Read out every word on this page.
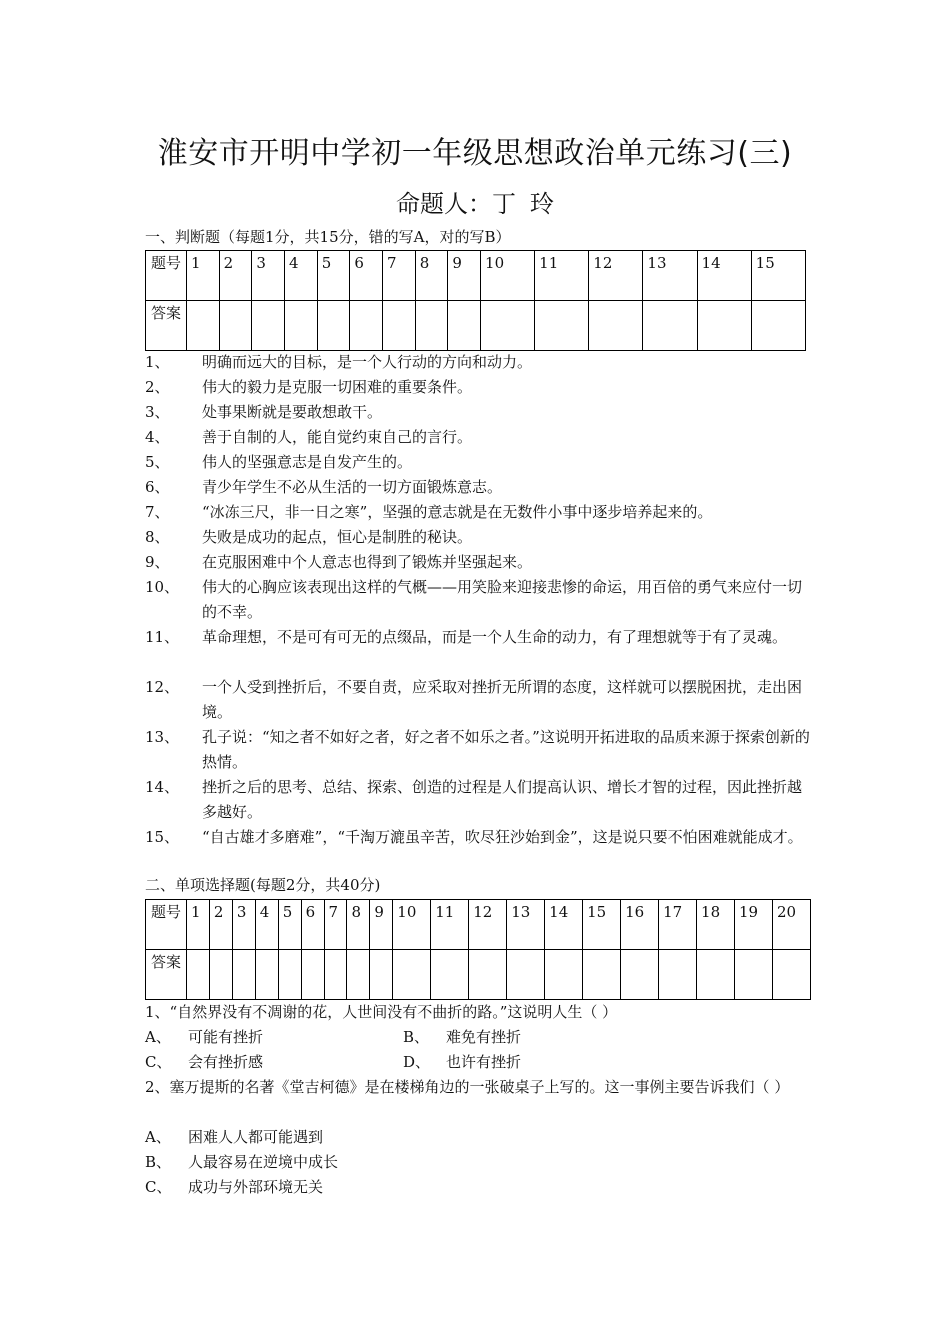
淮安市开明中学初一年级思想政治单元练习(三)
命题人：丁 玲
一、判断题（每题1分，共15分，错的写A，对的写B）
题号	1	2	3	4	5	6	7	8	9	10	11	12	13	14	15
答案															
1、 明确而远大的目标，是一个人行动的方向和动力。
2、 伟大的毅力是克服一切困难的重要条件。
3、 处事果断就是要敢想敢干。
4、 善于自制的人，能自觉约束自己的言行。
5、 伟人的坚强意志是自发产生的。
6、 青少年学生不必从生活的一切方面锻炼意志。
7、 “冰冻三尺，非一日之寒”，坚强的意志就是在无数件小事中逐步培养起来的。
8、 失败是成功的起点，恒心是制胜的秘诀。
9、 在克服困难中个人意志也得到了锻炼并坚强起来。
10、 伟大的心胸应该表现出这样的气概——用笑脸来迎接悲惨的命运，用百倍的勇气来应付一切的不幸。
11、 革命理想，不是可有可无的点缀品，而是一个人生命的动力，有了理想就等于有了灵魂。
12、 一个人受到挫折后，不要自责，应采取对挫折无所谓的态度，这样就可以摆脱困扰，走出困境。
13、 孔子说：“知之者不如好之者，好之者不如乐之者。”这说明开拓进取的品质来源于探索创新的热情。
14、 挫折之后的思考、总结、探索、创造的过程是人们提高认识、增长才智的过程，因此挫折越多越好。
15、 “自古雄才多磨难”，“千淘万漉虽辛苦，吹尽狂沙始到金”，这是说只要不怕困难就能成才。
二、单项选择题(每题2分，共40分)
题号	1	2	3	4	5	6	7	8	9	10	11	12	13	14	15	16	17	18	19	20
答案																				
1、“自然界没有不凋谢的花，人世间没有不曲折的路。”这说明人生（ ）
A、 可能有挫折	B、 难免有挫折
C、 会有挫折感	D、 也许有挫折
2、塞万提斯的名著《堂吉柯德》是在楼梯角边的一张破桌子上写的。这一事例主要告诉我们（ ）
A、 困难人人都可能遇到
B、 人最容易在逆境中成长
C、 成功与外部环境无关
